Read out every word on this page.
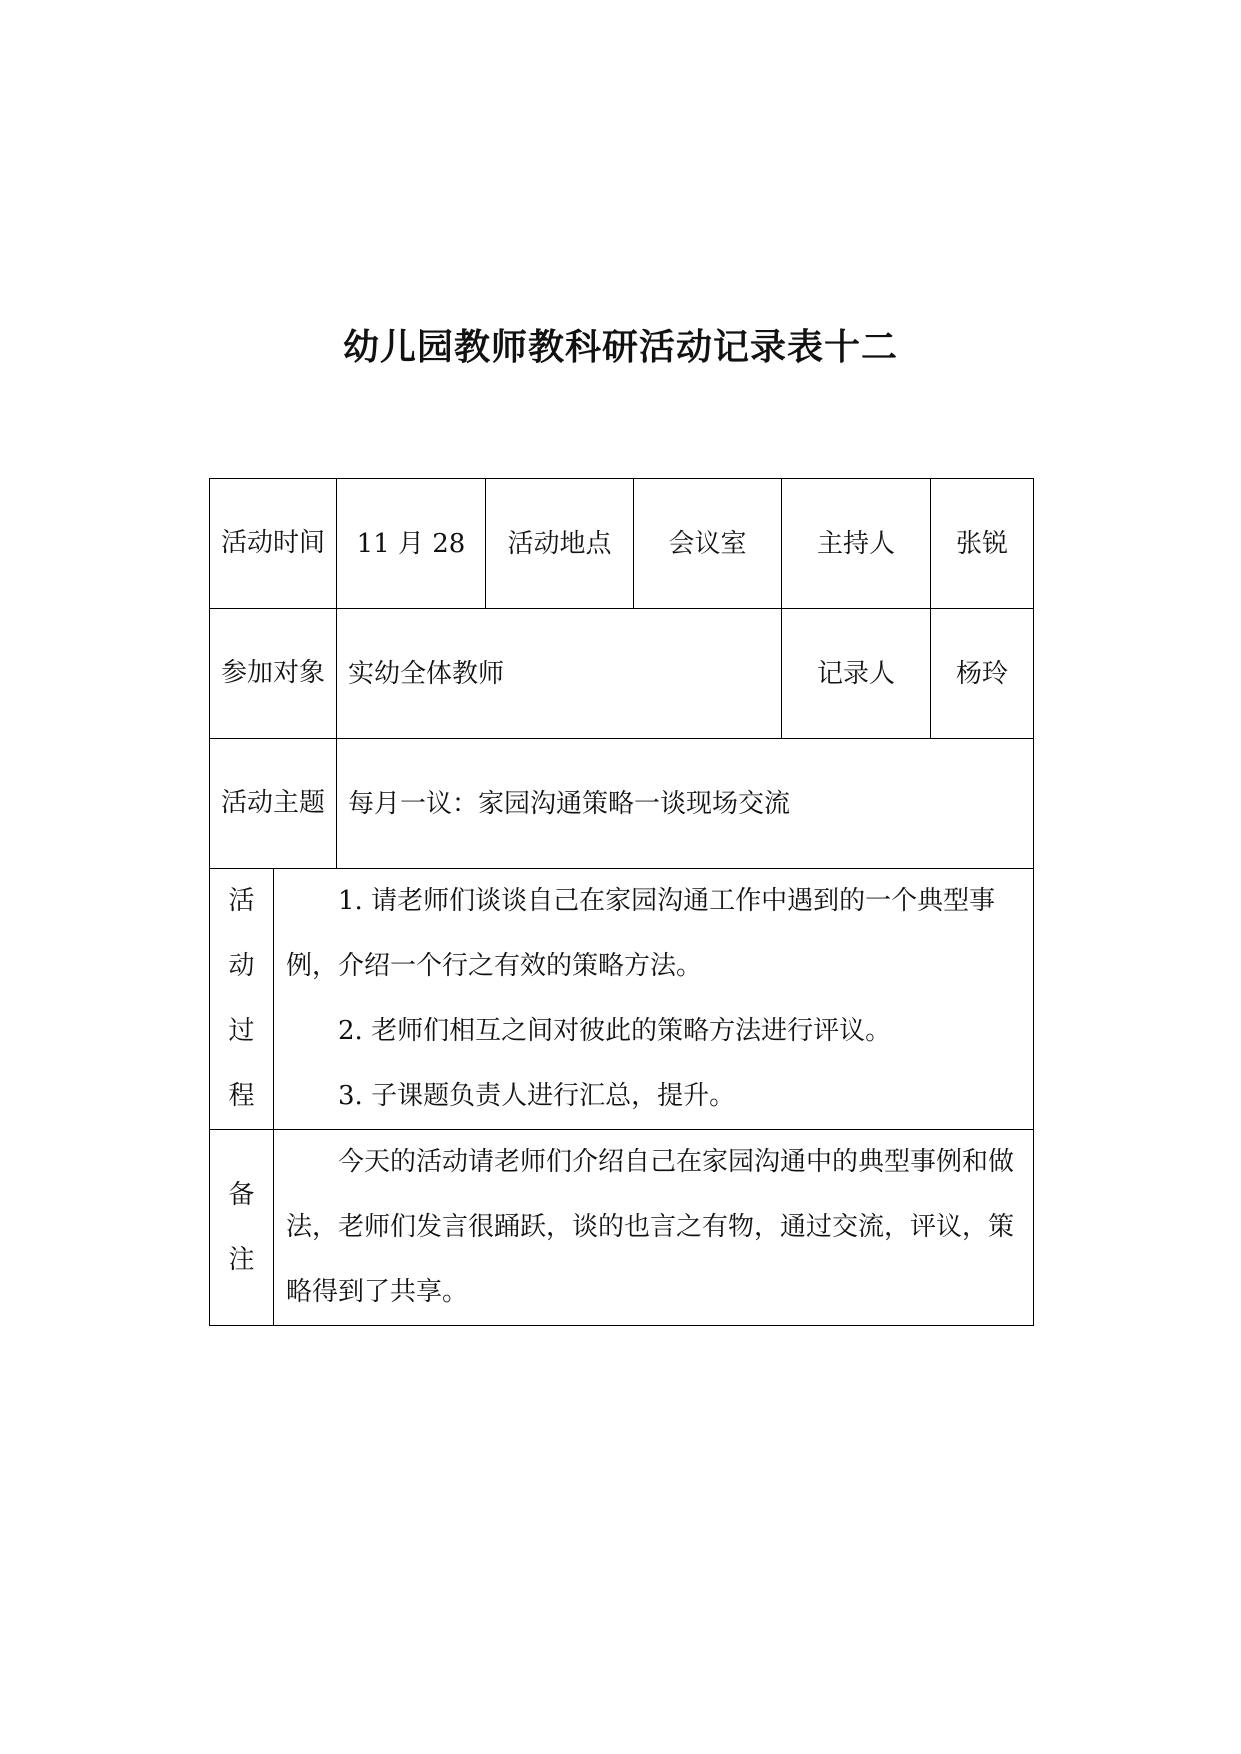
幼儿园教师教科研活动记录表十二
活动时间		11 月 28	活动地点	会议室	主持人	张锐

参加对象		实幼全体教师			记录人	杨玲

活动主题		每月一议：家园沟通策略一谈现场交流				

活动过程	1. 请老师们谈谈自己在家园沟通工作中遇到的一个典型事例，介绍一个行之有效的策略方法。

2. 老师们相互之间对彼此的策略方法进行评议。

3. 子课题负责人进行汇总，提升。					

备注	今天的活动请老师们介绍自己在家园沟通中的典型事例和做法，老师们发言很踊跃，谈的也言之有物，通过交流，评议，策略得到了共享。					
